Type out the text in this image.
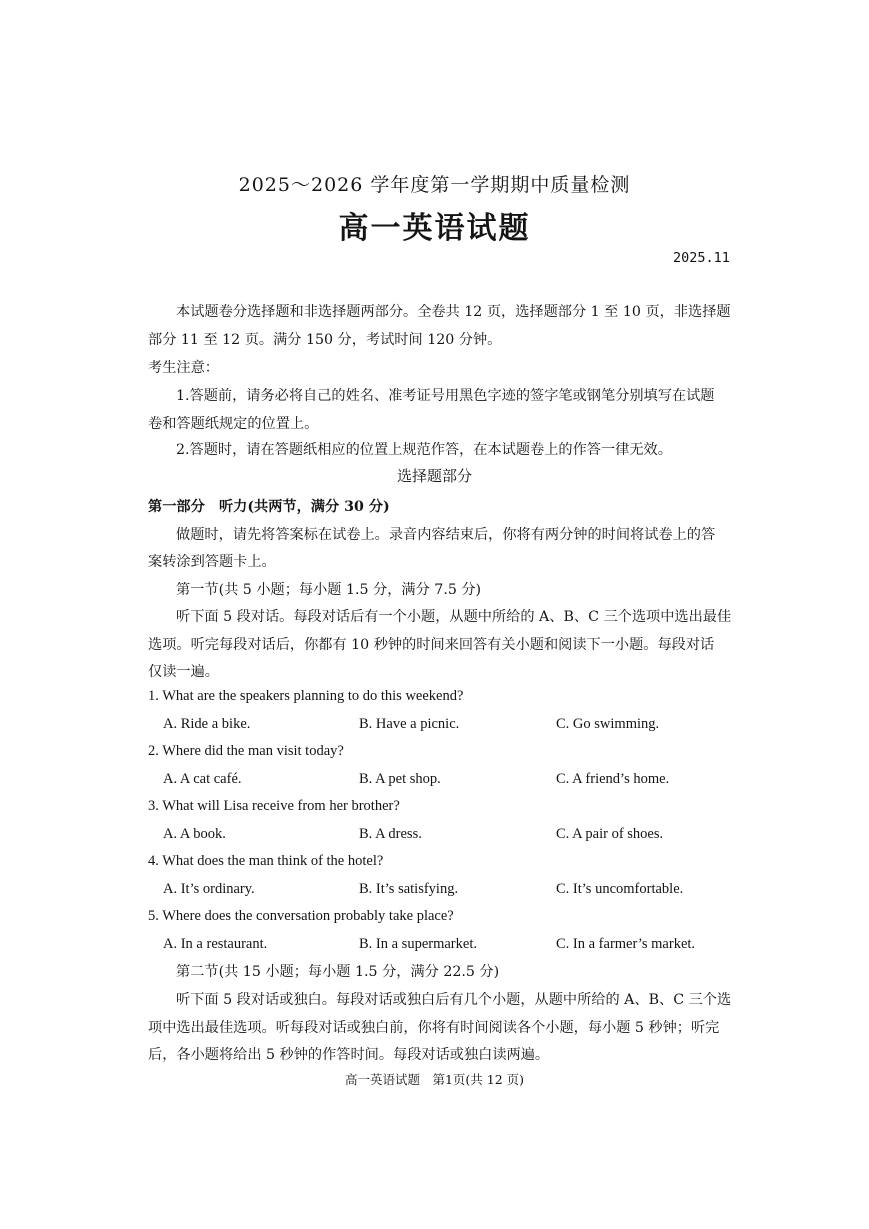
2025～2026 学年度第一学期期中质量检测
高一英语试题
2025.11
本试题卷分选择题和非选择题两部分。全卷共 12 页，选择题部分 1 至 10 页，非选择题
部分 11 至 12 页。满分 150 分，考试时间 120 分钟。
考生注意：
1.答题前，请务必将自己的姓名、准考证号用黑色字迹的签字笔或钢笔分别填写在试题
卷和答题纸规定的位置上。
2.答题时，请在答题纸相应的位置上规范作答，在本试题卷上的作答一律无效。
选择题部分
第一部分　听力(共两节，满分 30 分)
做题时，请先将答案标在试卷上。录音内容结束后，你将有两分钟的时间将试卷上的答
案转涂到答题卡上。
第一节(共 5 小题；每小题 1.5 分，满分 7.5 分)
听下面 5 段对话。每段对话后有一个小题，从题中所给的 A、B、C 三个选项中选出最佳
选项。听完每段对话后，你都有 10 秒钟的时间来回答有关小题和阅读下一小题。每段对话
仅读一遍。
1. What are the speakers planning to do this weekend?
A. Ride a bike.	B. Have a picnic.	C. Go swimming.
2. Where did the man visit today?
A. A cat café.	B. A pet shop.	C. A friend’s home.
3. What will Lisa receive from her brother?
A. A book.	B. A dress.	C. A pair of shoes.
4. What does the man think of the hotel?
A. It’s ordinary.	B. It’s satisfying.	C. It’s uncomfortable.
5. Where does the conversation probably take place?
A. In a restaurant.	B. In a supermarket.	C. In a farmer’s market.
第二节(共 15 小题；每小题 1.5 分，满分 22.5 分)
听下面 5 段对话或独白。每段对话或独白后有几个小题，从题中所给的 A、B、C 三个选
项中选出最佳选项。听每段对话或独白前，你将有时间阅读各个小题，每小题 5 秒钟；听完
后，各小题将给出 5 秒钟的作答时间。每段对话或独白读两遍。
高一英语试题　第1页(共 12 页)
